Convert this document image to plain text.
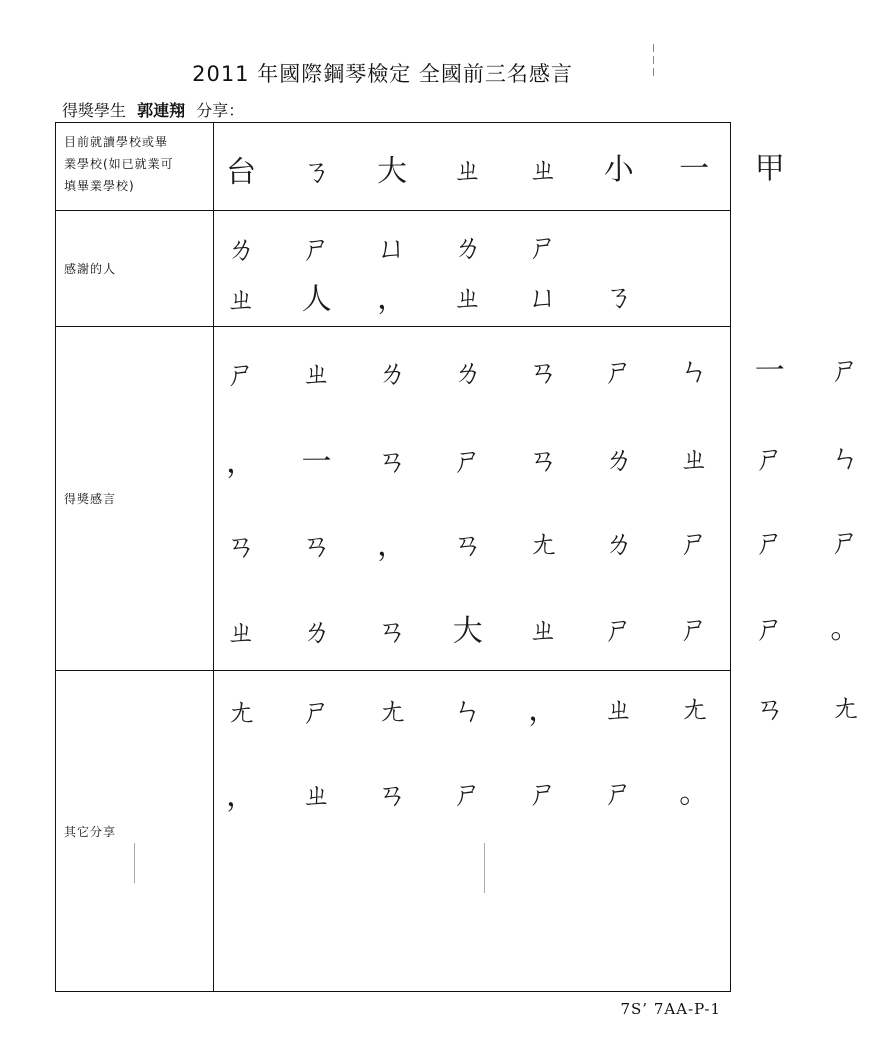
2011 年國際鋼琴檢定 全國前三名感言
得獎學生 郭連翔 分享：
目前就讀學校或畢
業學校(如已就業可
填畢業學校)	台 ㄋ 大 ㄓ ㄓ 小 一 甲
感謝的人
ㄌ ㄕ ㄩ ㄌ ㄕ
ㄓ 人 ， ㄓ ㄩ ㄋ
得獎感言
ㄕ ㄓ ㄌ ㄌ ㄢ ㄕ ㄣ 一 ㄕ
， 一 ㄢ ㄕ ㄢ ㄌ ㄓ ㄕ ㄣ
ㄢ ㄢ ， ㄢ ㄤ ㄌ ㄕ ㄕ ㄕ
ㄓ ㄌ ㄢ 大 ㄓ ㄕ ㄕ ㄕ 。
其它分享
ㄤ ㄕ ㄤ ㄣ ， ㄓ ㄤ ㄢ ㄤ
， ㄓ ㄢ ㄕ ㄕ ㄕ 。
7S’ 7AA-P-1
